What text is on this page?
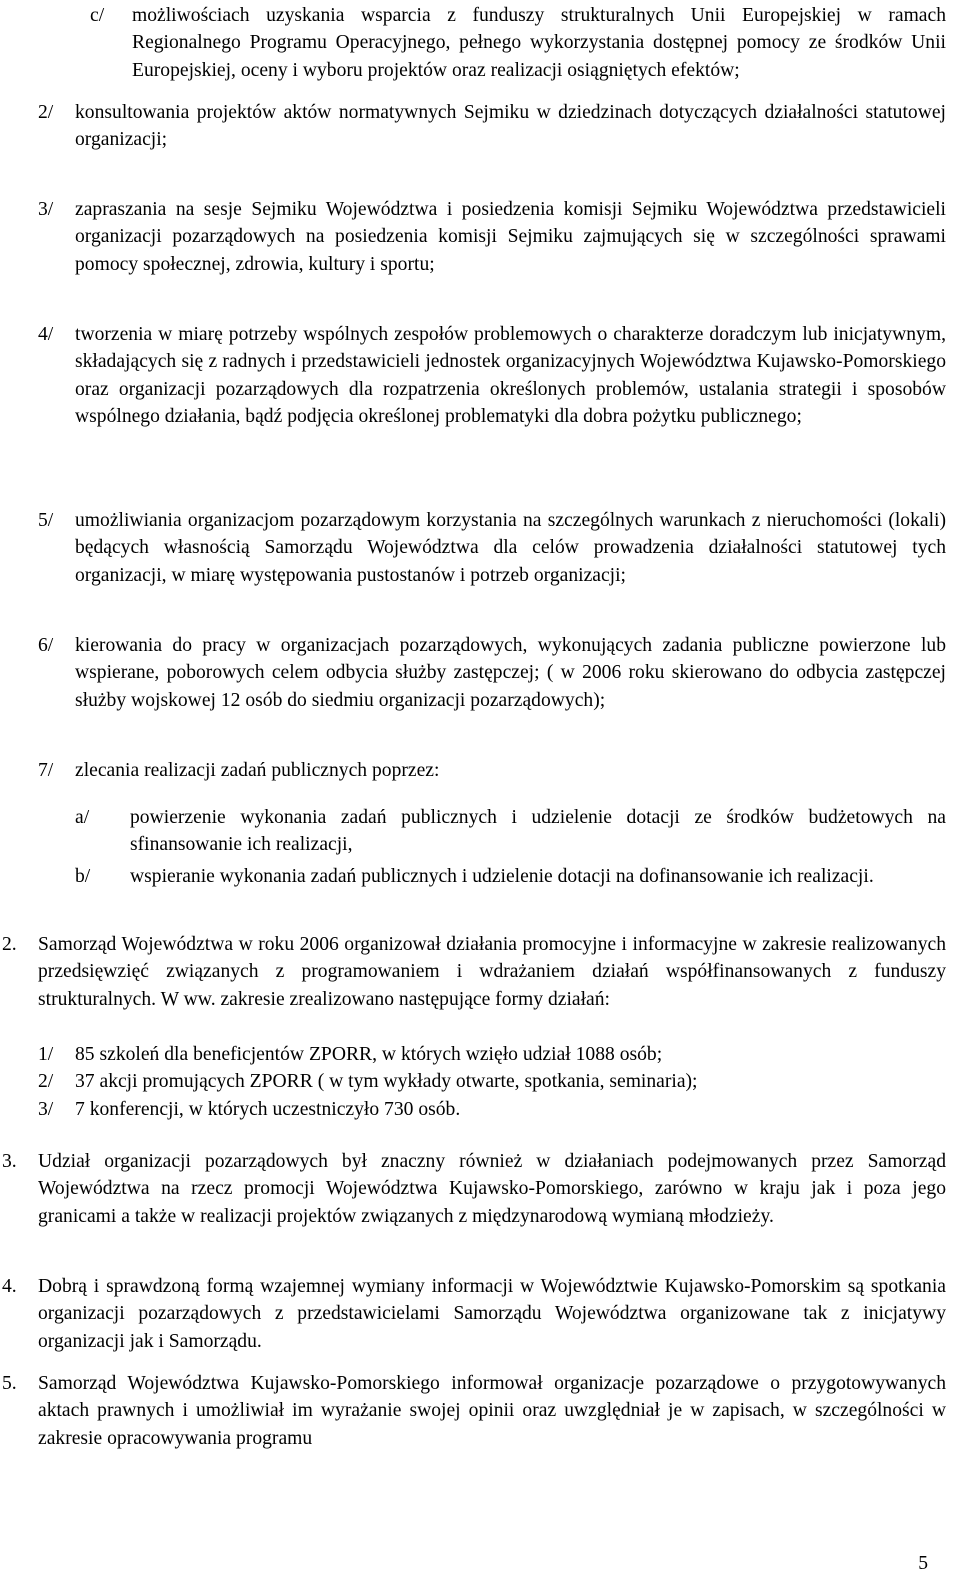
c/	możliwościach uzyskania wsparcia z funduszy strukturalnych Unii Europejskiej w ramach Regionalnego Programu Operacyjnego, pełnego wykorzystania dostępnej pomocy ze środków Unii Europejskiej, oceny i wyboru projektów oraz realizacji osiągniętych efektów;
2/	konsultowania projektów aktów normatywnych Sejmiku w dziedzinach dotyczących działalności statutowej organizacji;
3/	zapraszania na sesje Sejmiku Województwa i posiedzenia komisji Sejmiku Województwa przedstawicieli organizacji pozarządowych na posiedzenia komisji Sejmiku zajmujących się w szczególności sprawami pomocy społecznej, zdrowia, kultury i sportu;
4/	tworzenia w miarę potrzeby wspólnych zespołów problemowych o charakterze doradczym lub inicjatywnym, składających się z radnych i przedstawicieli jednostek organizacyjnych Województwa Kujawsko-Pomorskiego oraz organizacji pozarządowych dla rozpatrzenia określonych problemów, ustalania strategii i sposobów wspólnego działania, bądź podjęcia określonej problematyki dla dobra pożytku publicznego;
5/	umożliwiania organizacjom pozarządowym korzystania na szczególnych warunkach z nieruchomości (lokali) będących własnością Samorządu Województwa dla celów prowadzenia działalności statutowej tych organizacji, w miarę występowania pustostanów i potrzeb organizacji;
6/	kierowania do pracy w organizacjach pozarządowych, wykonujących zadania publiczne powierzone lub wspierane, poborowych celem odbycia służby zastępczej; ( w 2006 roku skierowano do odbycia zastępczej służby wojskowej 12 osób do siedmiu organizacji pozarządowych);
7/	zlecania realizacji zadań publicznych poprzez:
a/	powierzenie wykonania zadań publicznych i udzielenie dotacji ze środków budżetowych na sfinansowanie ich realizacji,
b/	wspieranie wykonania zadań publicznych i udzielenie dotacji na dofinansowanie ich realizacji.
2.	Samorząd Województwa w roku 2006 organizował działania promocyjne i informacyjne w zakresie realizowanych przedsięwzięć związanych z programowaniem i wdrażaniem działań współfinansowanych z funduszy strukturalnych. W ww. zakresie zrealizowano następujące formy działań:
1/	85 szkoleń dla beneficjentów ZPORR, w których wzięło udział 1088 osób;
2/	37 akcji promujących ZPORR ( w tym wykłady otwarte, spotkania, seminaria);
3/	7 konferencji, w których uczestniczyło 730 osób.
3.	Udział organizacji pozarządowych był znaczny również w działaniach podejmowanych przez Samorząd Województwa na rzecz promocji Województwa Kujawsko-Pomorskiego, zarówno w kraju jak i poza jego granicami a także w realizacji projektów związanych z międzynarodową wymianą młodzieży.
4.	Dobrą i sprawdzoną formą wzajemnej wymiany informacji w Województwie Kujawsko-Pomorskim są spotkania organizacji pozarządowych z przedstawicielami Samorządu Województwa organizowane tak z inicjatywy organizacji jak i Samorządu.
5.	Samorząd Województwa Kujawsko-Pomorskiego informował organizacje pozarządowe o przygotowywanych aktach prawnych i umożliwiał im wyrażanie swojej opinii oraz uwzględniał je w zapisach, w szczególności w zakresie opracowywania programu
5
